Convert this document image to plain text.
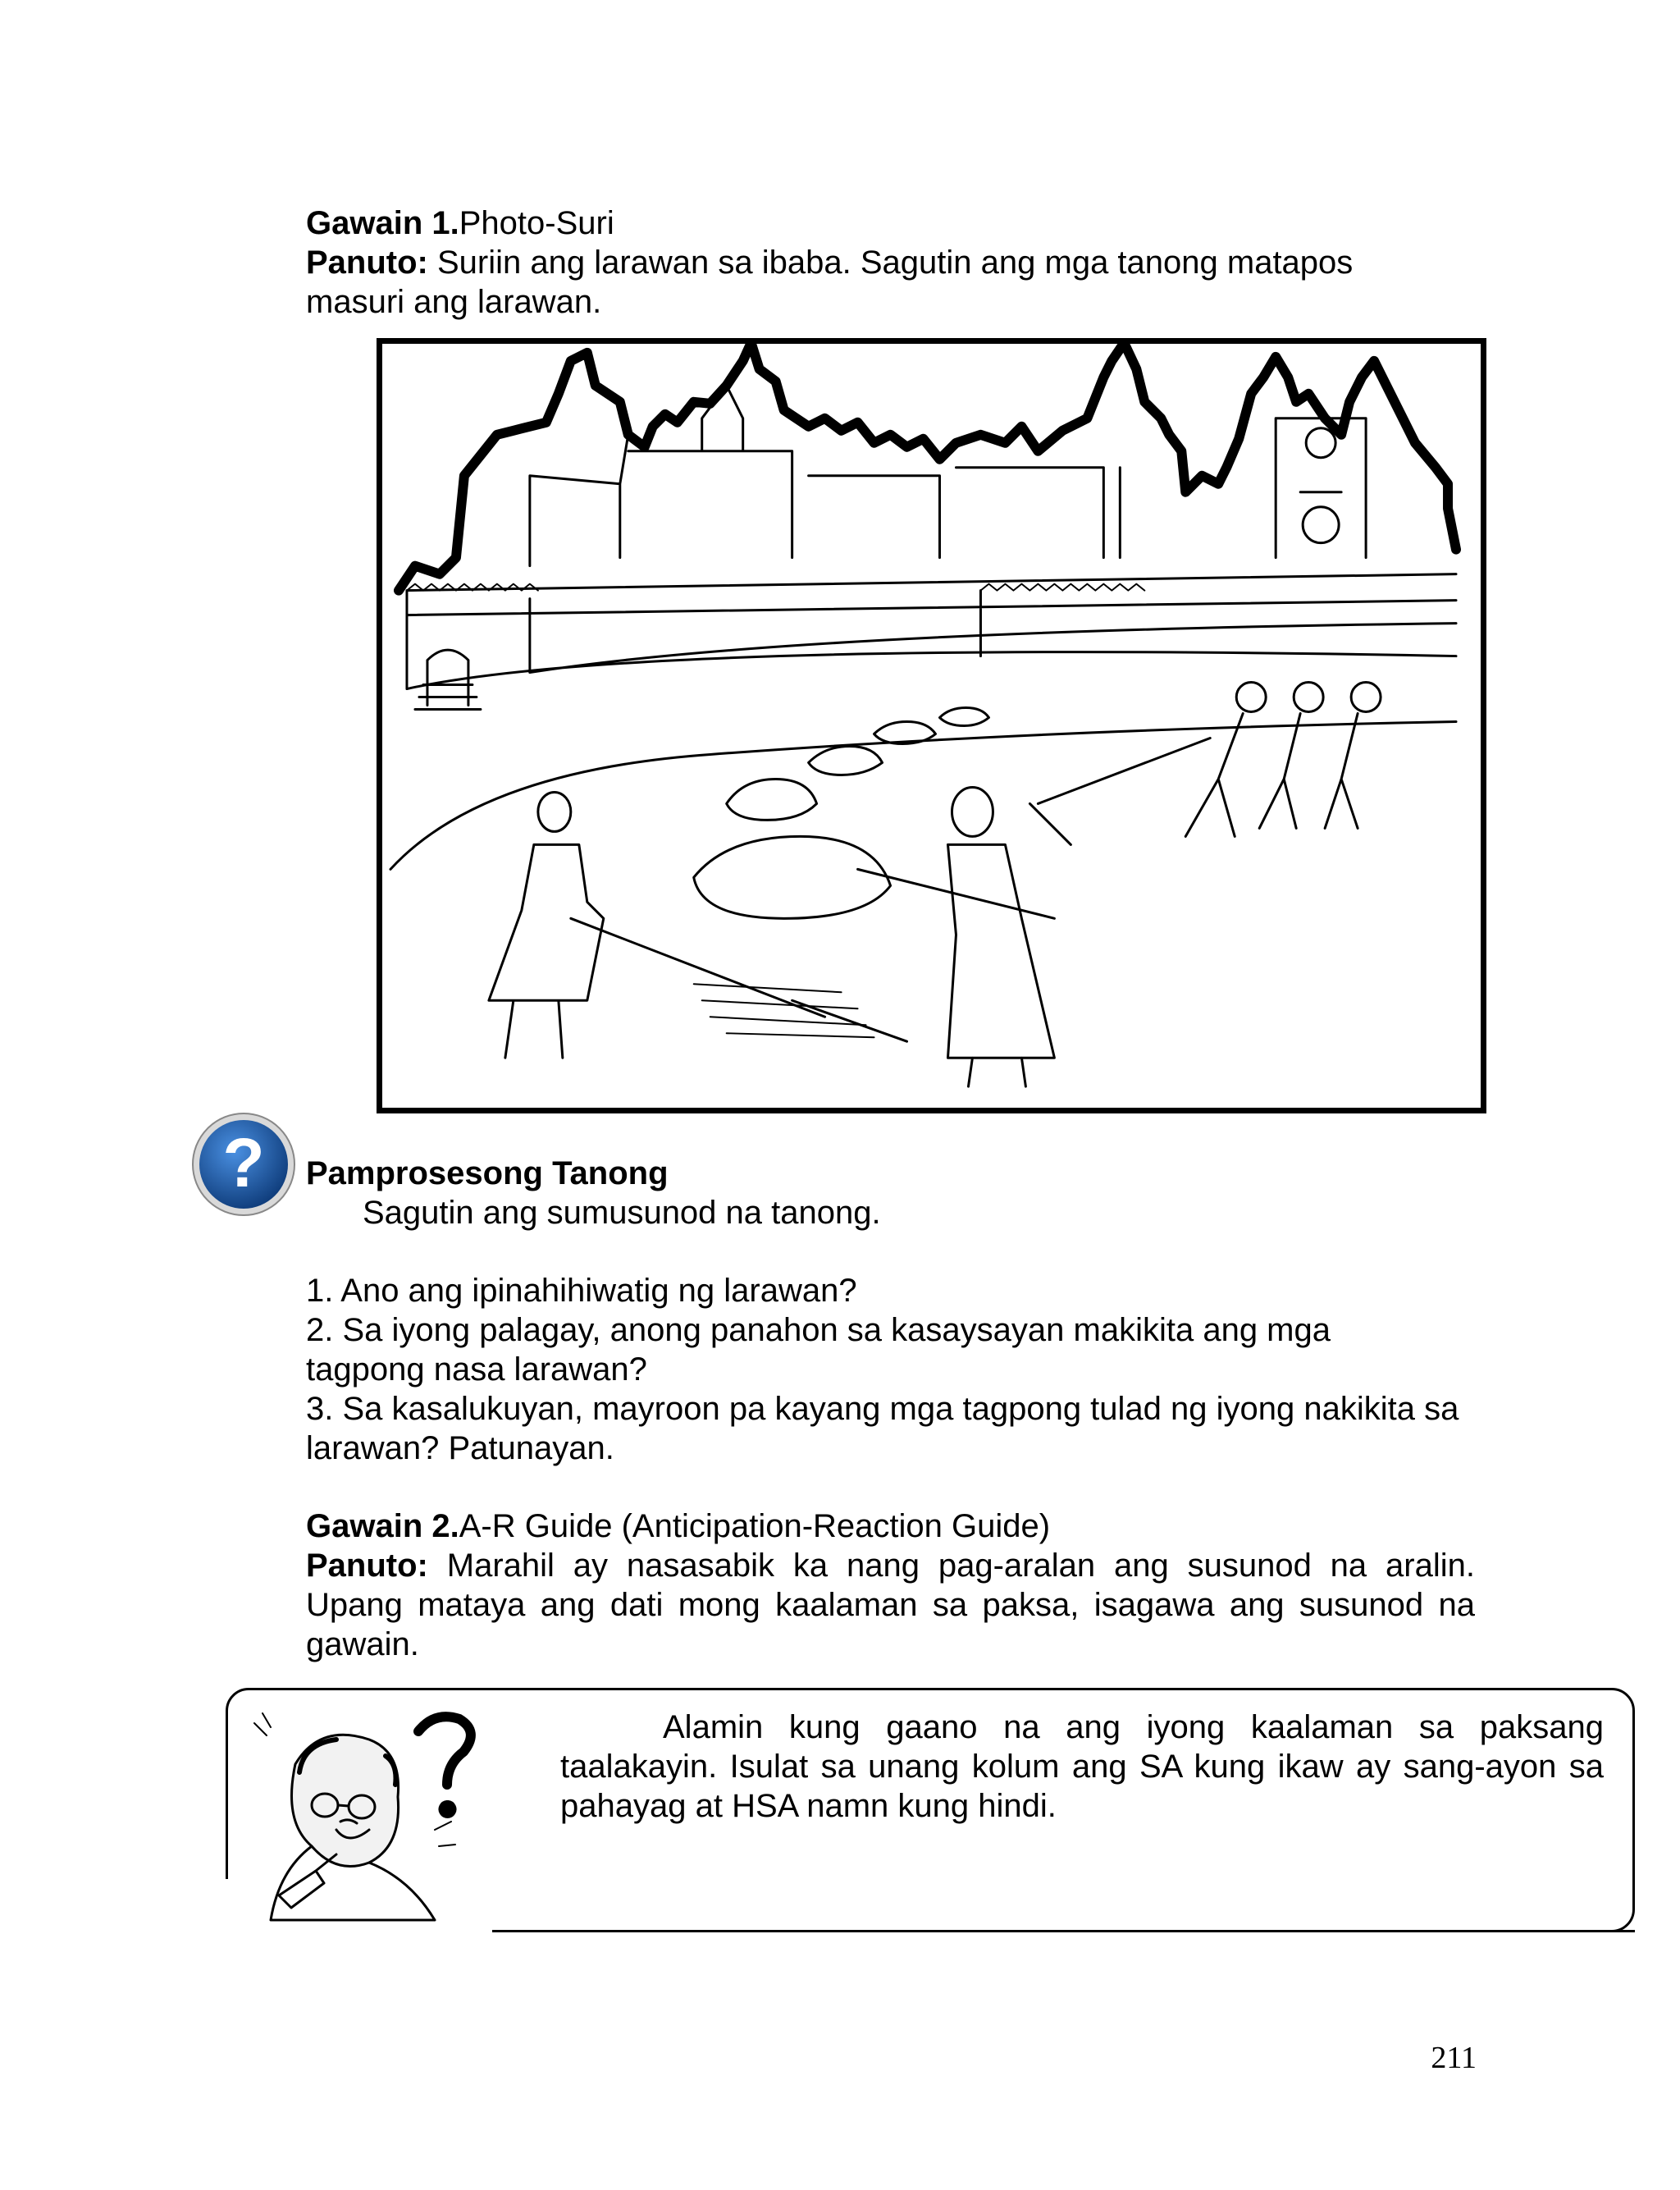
Gawain 1.Photo-Suri

Panuto: Suriin ang larawan sa ibaba. Sagutin ang mga tanong matapos masuri ang larawan.

? Pamprosesong Tanong

Sagutin ang sumusunod na tanong.

1. Ano ang ipinahihiwatig ng larawan?

2. Sa iyong palagay, anong panahon sa kasaysayan makikita ang mga tagpong nasa larawan?

3. Sa kasalukuyan, mayroon pa kayang mga tagpong tulad ng iyong nakikita sa larawan? Patunayan.

Gawain 2.A-R Guide (Anticipation-Reaction Guide)

Panuto: Marahil ay nasasabik ka nang pag-aralan ang susunod na aralin. Upang mataya ang dati mong kaalaman sa paksa, isagawa ang susunod na gawain.

Alamin kung gaano na ang iyong kaalaman sa paksang taalakayin. Isulat sa unang kolum ang SA kung ikaw ay sang-ayon sa pahayag at HSA namn kung hindi.

211
